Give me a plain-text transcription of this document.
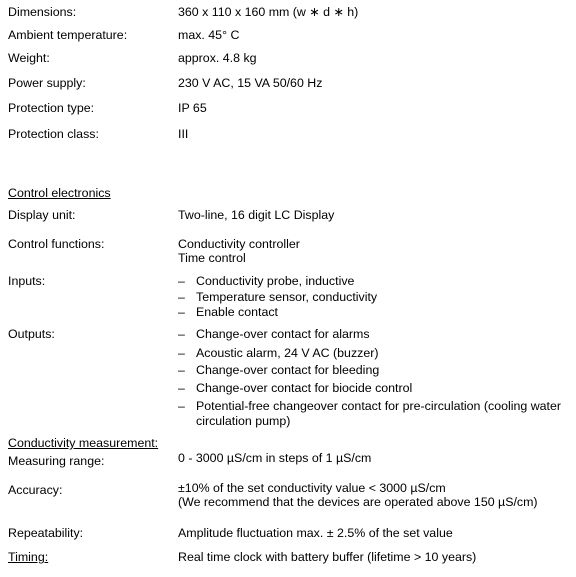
Dimensions:	360 x 110 x 160 mm (w ∗ d ∗ h)
Ambient temperature:	max. 45° C
Weight:	approx. 4.8 kg
Power supply:	230 V AC, 15 VA 50/60 Hz
Protection type:	IP 65
Protection class:	III
Control electronics
Display unit:	Two-line, 16 digit LC Display
Control functions:	Conductivity controller
Time control
Inputs:	– Conductivity probe, inductive
– Temperature sensor, conductivity
– Enable contact
Outputs:	– Change-over contact for alarms
– Acoustic alarm, 24 V AC (buzzer)
– Change-over contact for bleeding
– Change-over contact for biocide control
– Potential-free changeover contact for pre-circulation (cooling water
circulation pump)
Conductivity measurement:
Measuring range:	0 - 3000 µS/cm in steps of 1 µS/cm
Accuracy:	±10% of the set conductivity value < 3000 µS/cm
(We recommend that the devices are operated above 150 µS/cm)
Repeatability:	Amplitude fluctuation max. ± 2.5% of the set value
Timing:	Real time clock with battery buffer (lifetime > 10 years)
